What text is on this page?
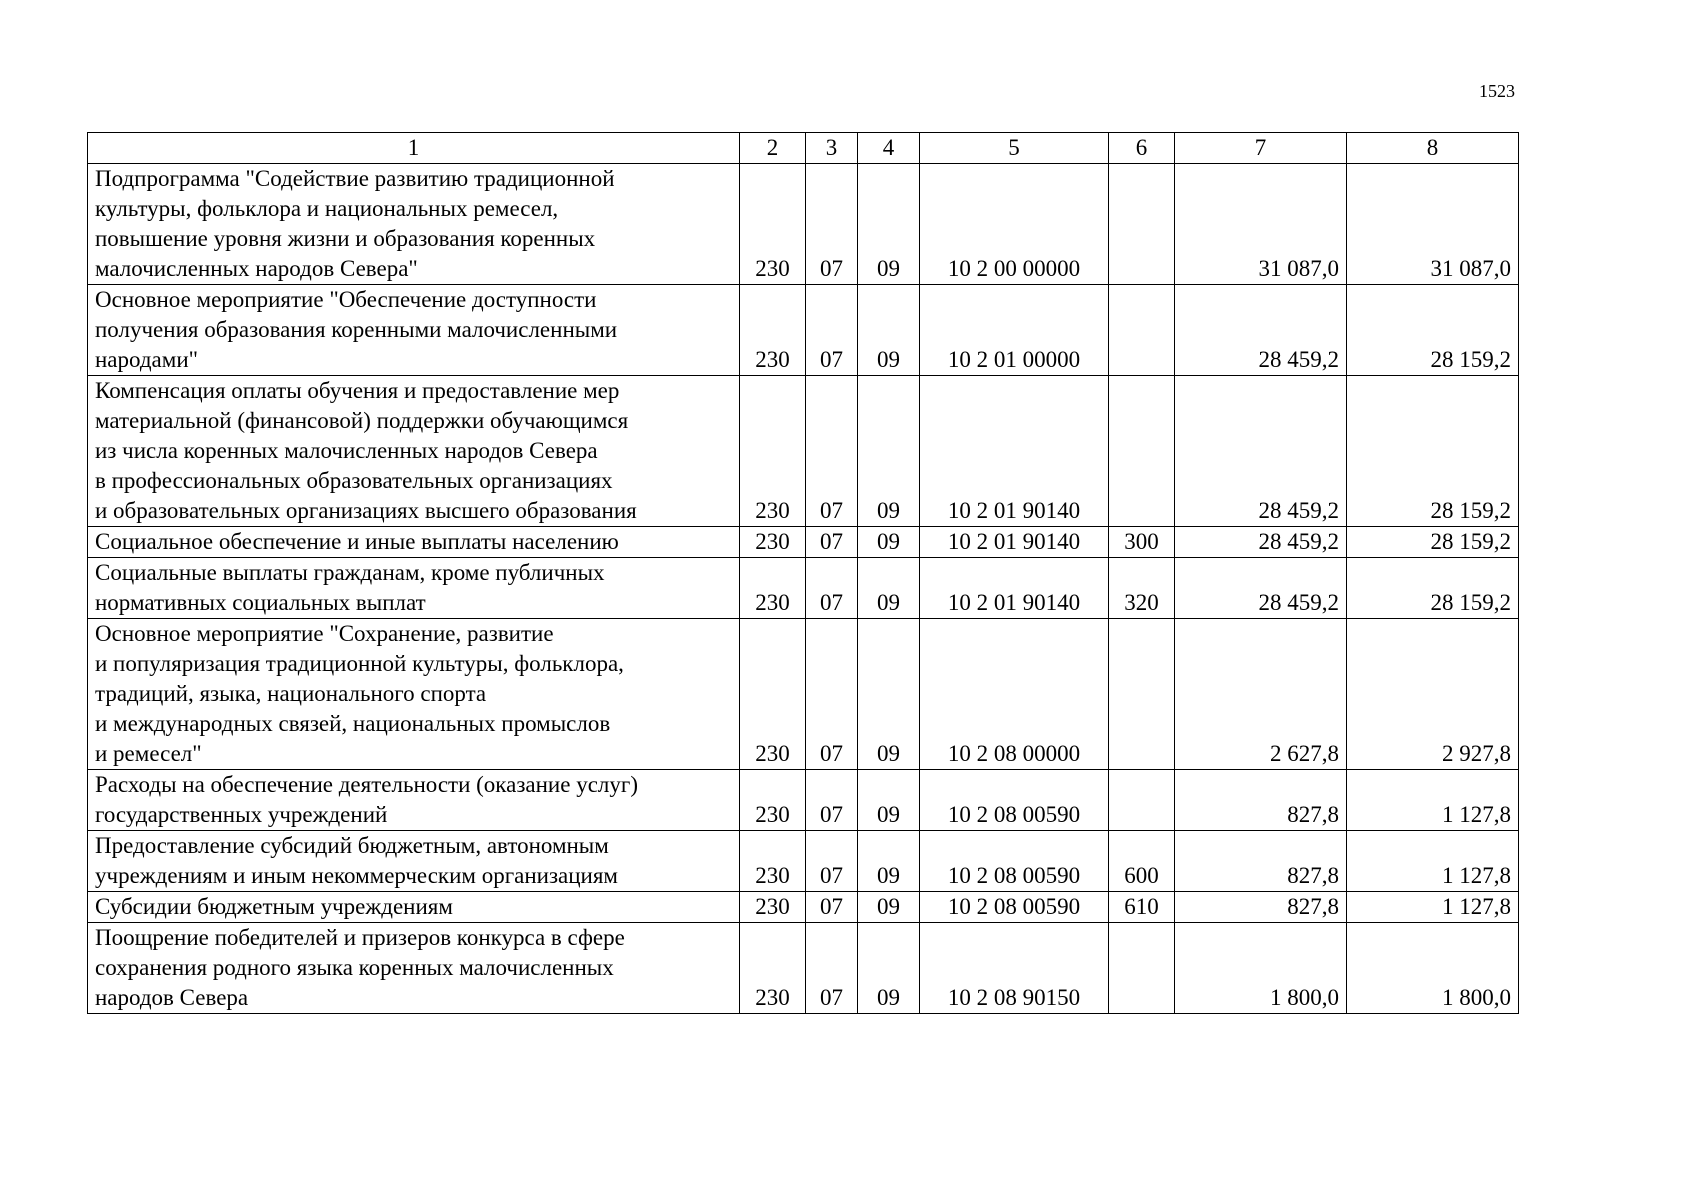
1523
1	2	3	4	5	6	7	8
Подпрограмма "Содействие развитию традиционной
культуры, фольклора и национальных ремесел,
повышение уровня жизни и образования коренных
малочисленных народов Севера"	230	07	09	10 2 00 00000		31 087,0	31 087,0
Основное мероприятие "Обеспечение доступности
получения образования коренными малочисленными
народами"	230	07	09	10 2 01 00000		28 459,2	28 159,2
Компенсация оплаты обучения и предоставление мер
материальной (финансовой) поддержки обучающимся
из числа коренных малочисленных народов Севера
в профессиональных образовательных организациях
и образовательных организациях высшего образования	230	07	09	10 2 01 90140		28 459,2	28 159,2
Социальное обеспечение и иные выплаты населению	230	07	09	10 2 01 90140	300	28 459,2	28 159,2
Социальные выплаты гражданам, кроме публичных
нормативных социальных выплат	230	07	09	10 2 01 90140	320	28 459,2	28 159,2
Основное мероприятие "Сохранение, развитие
и популяризация традиционной культуры, фольклора,
традиций, языка, национального спорта
и международных связей, национальных промыслов
и ремесел"	230	07	09	10 2 08 00000		2 627,8	2 927,8
Расходы на обеспечение деятельности (оказание услуг)
государственных учреждений	230	07	09	10 2 08 00590		827,8	1 127,8
Предоставление субсидий бюджетным, автономным
учреждениям и иным некоммерческим организациям	230	07	09	10 2 08 00590	600	827,8	1 127,8
Субсидии бюджетным учреждениям	230	07	09	10 2 08 00590	610	827,8	1 127,8
Поощрение победителей и призеров конкурса в сфере
сохранения родного языка коренных малочисленных
народов Севера	230	07	09	10 2 08 90150		1 800,0	1 800,0
